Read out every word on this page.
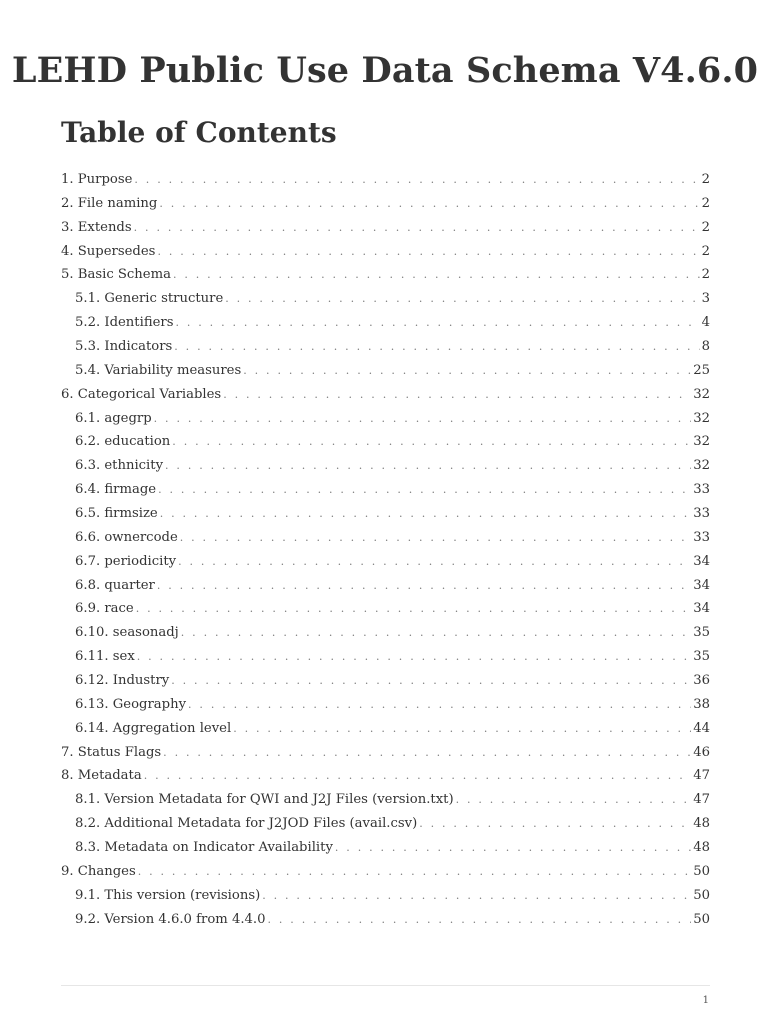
LEHD Public Use Data Schema V4.6.0
Table of Contents
1. Purpose . . .	2
2. File naming . . .	2
3. Extends . . .	2
4. Supersedes . . .	2
5. Basic Schema . . .	2
5.1. Generic structure . . .	3
5.2. Identifiers . . .	4
5.3. Indicators . . .	8
5.4. Variability measures . . .	25
6. Categorical Variables . . .	32
6.1. agegrp . . .	32
6.2. education . . .	32
6.3. ethnicity . . .	32
6.4. firmage . . .	33
6.5. firmsize . . .	33
6.6. ownercode . . .	33
6.7. periodicity . . .	34
6.8. quarter . . .	34
6.9. race . . .	34
6.10. seasonadj . . .	35
6.11. sex . . .	35
6.12. Industry . . .	36
6.13. Geography . . .	38
6.14. Aggregation level . . .	44
7. Status Flags . . .	46
8. Metadata . . .	47
8.1. Version Metadata for QWI and J2J Files (version.txt) . . .	47
8.2. Additional Metadata for J2JOD Files (avail.csv) . . .	48
8.3. Metadata on Indicator Availability . . .	48
9. Changes . . .	50
9.1. This version (revisions) . . .	50
9.2. Version 4.6.0 from 4.4.0 . . .	50
1
